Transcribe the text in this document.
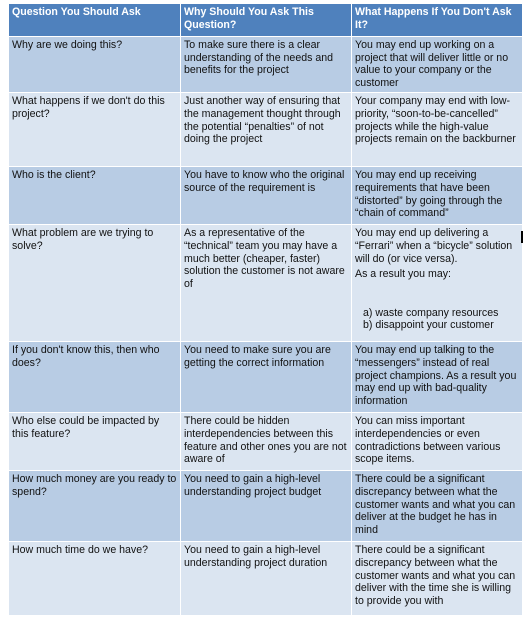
Question You Should Ask	Why Should You Ask This Question?	What Happens If You Don't Ask It?
Why are we doing this?	To make sure there is a clear understanding of the needs and benefits for the project	You may end up working on a project that will deliver little or no value to your company or the customer
What happens if we don't do this project?	Just another way of ensuring that the management thought through the potential “penalties” of not doing the project	Your company may end with low-priority, “soon-to-be-cancelled” projects while the high-value projects remain on the backburner
Who is the client?	You have to know who the original source of the requirement is	You may end up receiving requirements that have been “distorted” by going through the “chain of command”
What problem are we trying to solve?	As a representative of the “technical” team you may have a much better (cheaper, faster) solution the customer is not aware of	You may end up delivering a “Ferrari” when a “bicycle” solution will do (or vice versa).
As a result you may:
a) waste company resources
b) disappoint your customer

If you don't know this, then who does?	You need to make sure you are getting the correct information	You may end up talking to the “messengers” instead of real project champions. As a result you may end up with bad-quality information
Who else could be impacted by this feature?	There could be hidden interdependencies between this feature and other ones you are not aware of	You can miss important interdependencies or even contradictions between various scope items.
How much money are you ready to spend?	You need to gain a high-level understanding project budget	There could be a significant discrepancy between what the customer wants and what you can deliver at the budget he has in mind
How much time do we have?	You need to gain a high-level understanding project duration	There could be a significant discrepancy between what the customer wants and what you can deliver with the time she is willing to provide you with
